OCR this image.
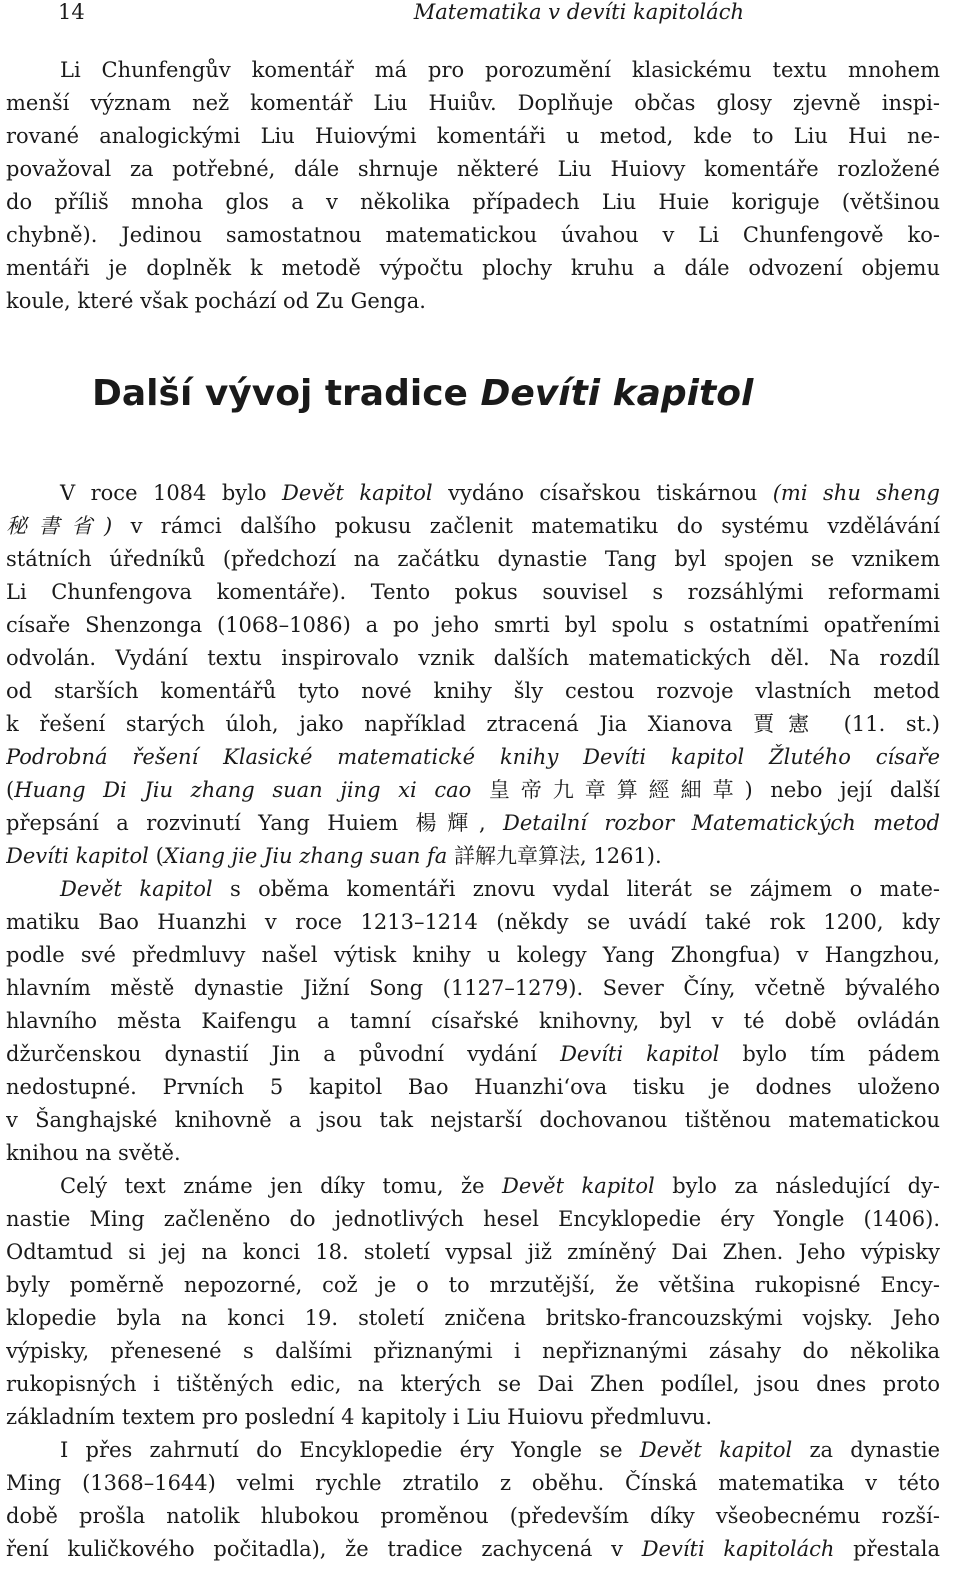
14	Matematika v devíti kapitolách
Li Chunfengův komentář má pro porozumění klasickému textu mnohem
menší význam než komentář Liu Huiův. Doplňuje občas glosy zjevně inspi-
rované analogickými Liu Huiovými komentáři u metod, kde to Liu Hui ne-
považoval za potřebné, dále shrnuje některé Liu Huiovy komentáře rozložené
do příliš mnoha glos a v několika případech Liu Huie koriguje (většinou
chybně). Jedinou samostatnou matematickou úvahou v Li Chunfengově ko-
mentáři je doplněk k metodě výpočtu plochy kruhu a dále odvození objemu
koule, které však pochází od Zu Genga.
Další vývoj tradice Devíti kapitol
V roce 1084 bylo Devět kapitol vydáno císařskou tiskárnou (mi shu sheng
秘書省) v rámci dalšího pokusu začlenit matematiku do systému vzdělávání
státních úředníků (předchozí na začátku dynastie Tang byl spojen se vznikem
Li Chunfengova komentáře). Tento pokus souvisel s rozsáhlými reformami
císaře Shenzonga (1068–1086) a po jeho smrti byl spolu s ostatními opatřeními
odvolán. Vydání textu inspirovalo vznik dalších matematických děl. Na rozdíl
od starších komentářů tyto nové knihy šly cestou rozvoje vlastních metod
k řešení starých úloh, jako například ztracená Jia Xianova 賈憲 (11. st.)
Podrobná řešení Klasické matematické knihy Devíti kapitol Žlutého císaře
(Huang Di Jiu zhang suan jing xi cao 皇帝九章算經細草) nebo její další
přepsání a rozvinutí Yang Huiem 楊輝, Detailní rozbor Matematických metod
Devíti kapitol (Xiang jie Jiu zhang suan fa 詳解九章算法, 1261).
Devět kapitol s oběma komentáři znovu vydal literát se zájmem o mate-
matiku Bao Huanzhi v roce 1213–1214 (někdy se uvádí také rok 1200, kdy
podle své předmluvy našel výtisk knihy u kolegy Yang Zhongfua) v Hangzhou,
hlavním městě dynastie Jižní Song (1127–1279). Sever Číny, včetně bývalého
hlavního města Kaifengu a tamní císařské knihovny, byl v té době ovládán
džurčenskou dynastií Jin a původní vydání Devíti kapitol bylo tím pádem
nedostupné. Prvních 5 kapitol Bao Huanzhi‘ova tisku je dodnes uloženo
v Šanghajské knihovně a jsou tak nejstarší dochovanou tištěnou matematickou
knihou na světě.
Celý text známe jen díky tomu, že Devět kapitol bylo za následující dy-
nastie Ming začleněno do jednotlivých hesel Encyklopedie éry Yongle (1406).
Odtamtud si jej na konci 18. století vypsal již zmíněný Dai Zhen. Jeho výpisky
byly poměrně nepozorné, což je o to mrzutější, že většina rukopisné Ency-
klopedie byla na konci 19. století zničena britsko-francouzskými vojsky. Jeho
výpisky, přenesené s dalšími přiznanými i nepřiznanými zásahy do několika
rukopisných i tištěných edic, na kterých se Dai Zhen podílel, jsou dnes proto
základním textem pro poslední 4 kapitoly i Liu Huiovu předmluvu.
I přes zahrnutí do Encyklopedie éry Yongle se Devět kapitol za dynastie
Ming (1368–1644) velmi rychle ztratilo z oběhu. Čínská matematika v této
době prošla natolik hlubokou proměnou (především díky všeobecnému rozší-
ření kuličkového počitadla), že tradice zachycená v Devíti kapitolách přestala
